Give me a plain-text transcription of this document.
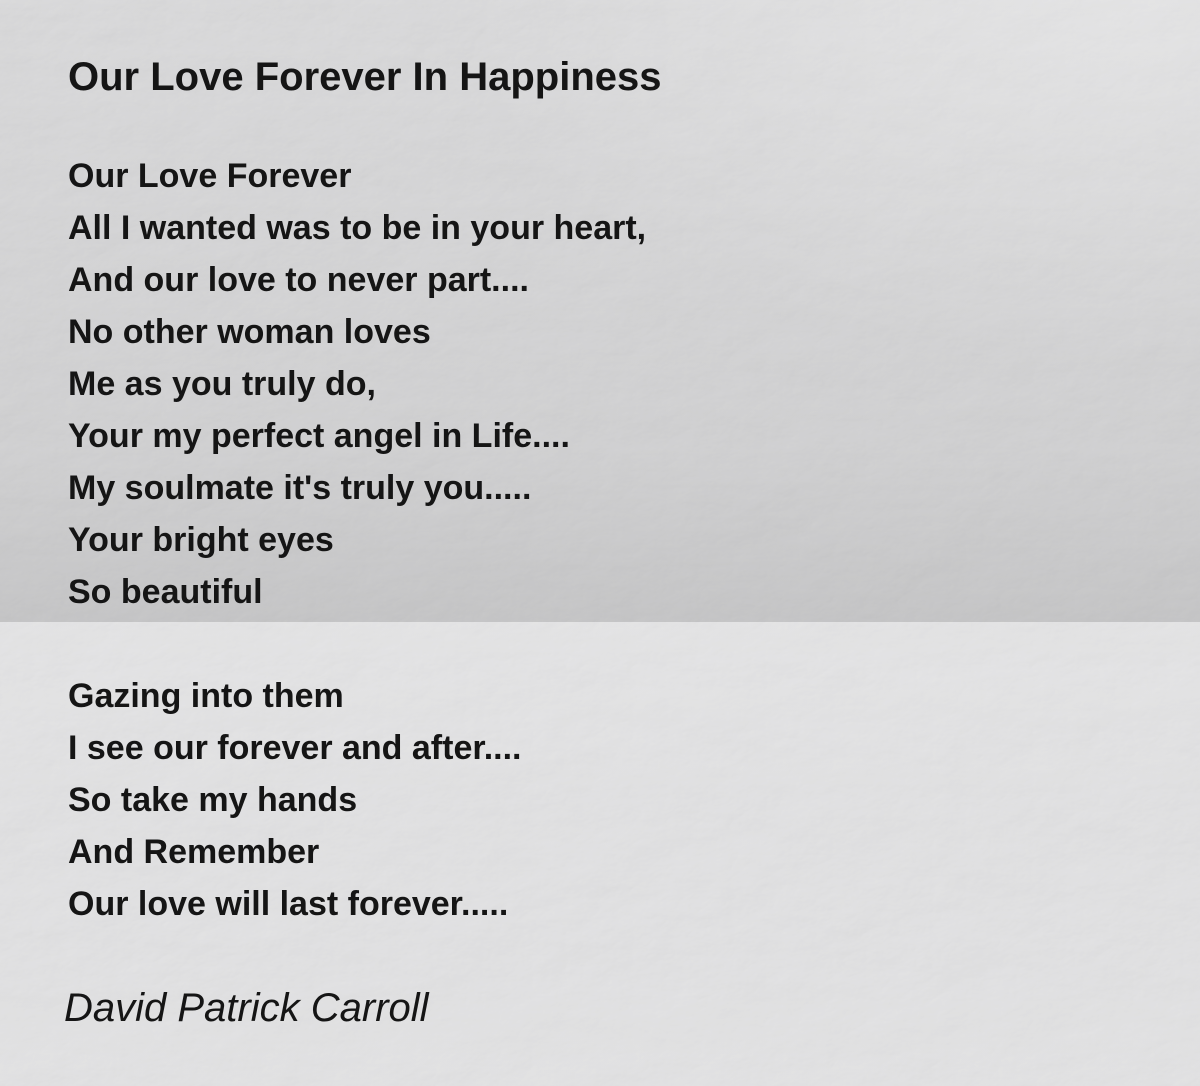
Our Love Forever In Happiness
Our Love Forever
All I wanted was to be in your heart,
And our love to never part....
No other woman loves
Me as you truly do,
Your my perfect angel in Life....
My soulmate it's truly you.....
Your bright eyes
So beautiful
Gazing into them
I see our forever and after....
So take my hands
And Remember
Our love will last forever.....
David Patrick Carroll
